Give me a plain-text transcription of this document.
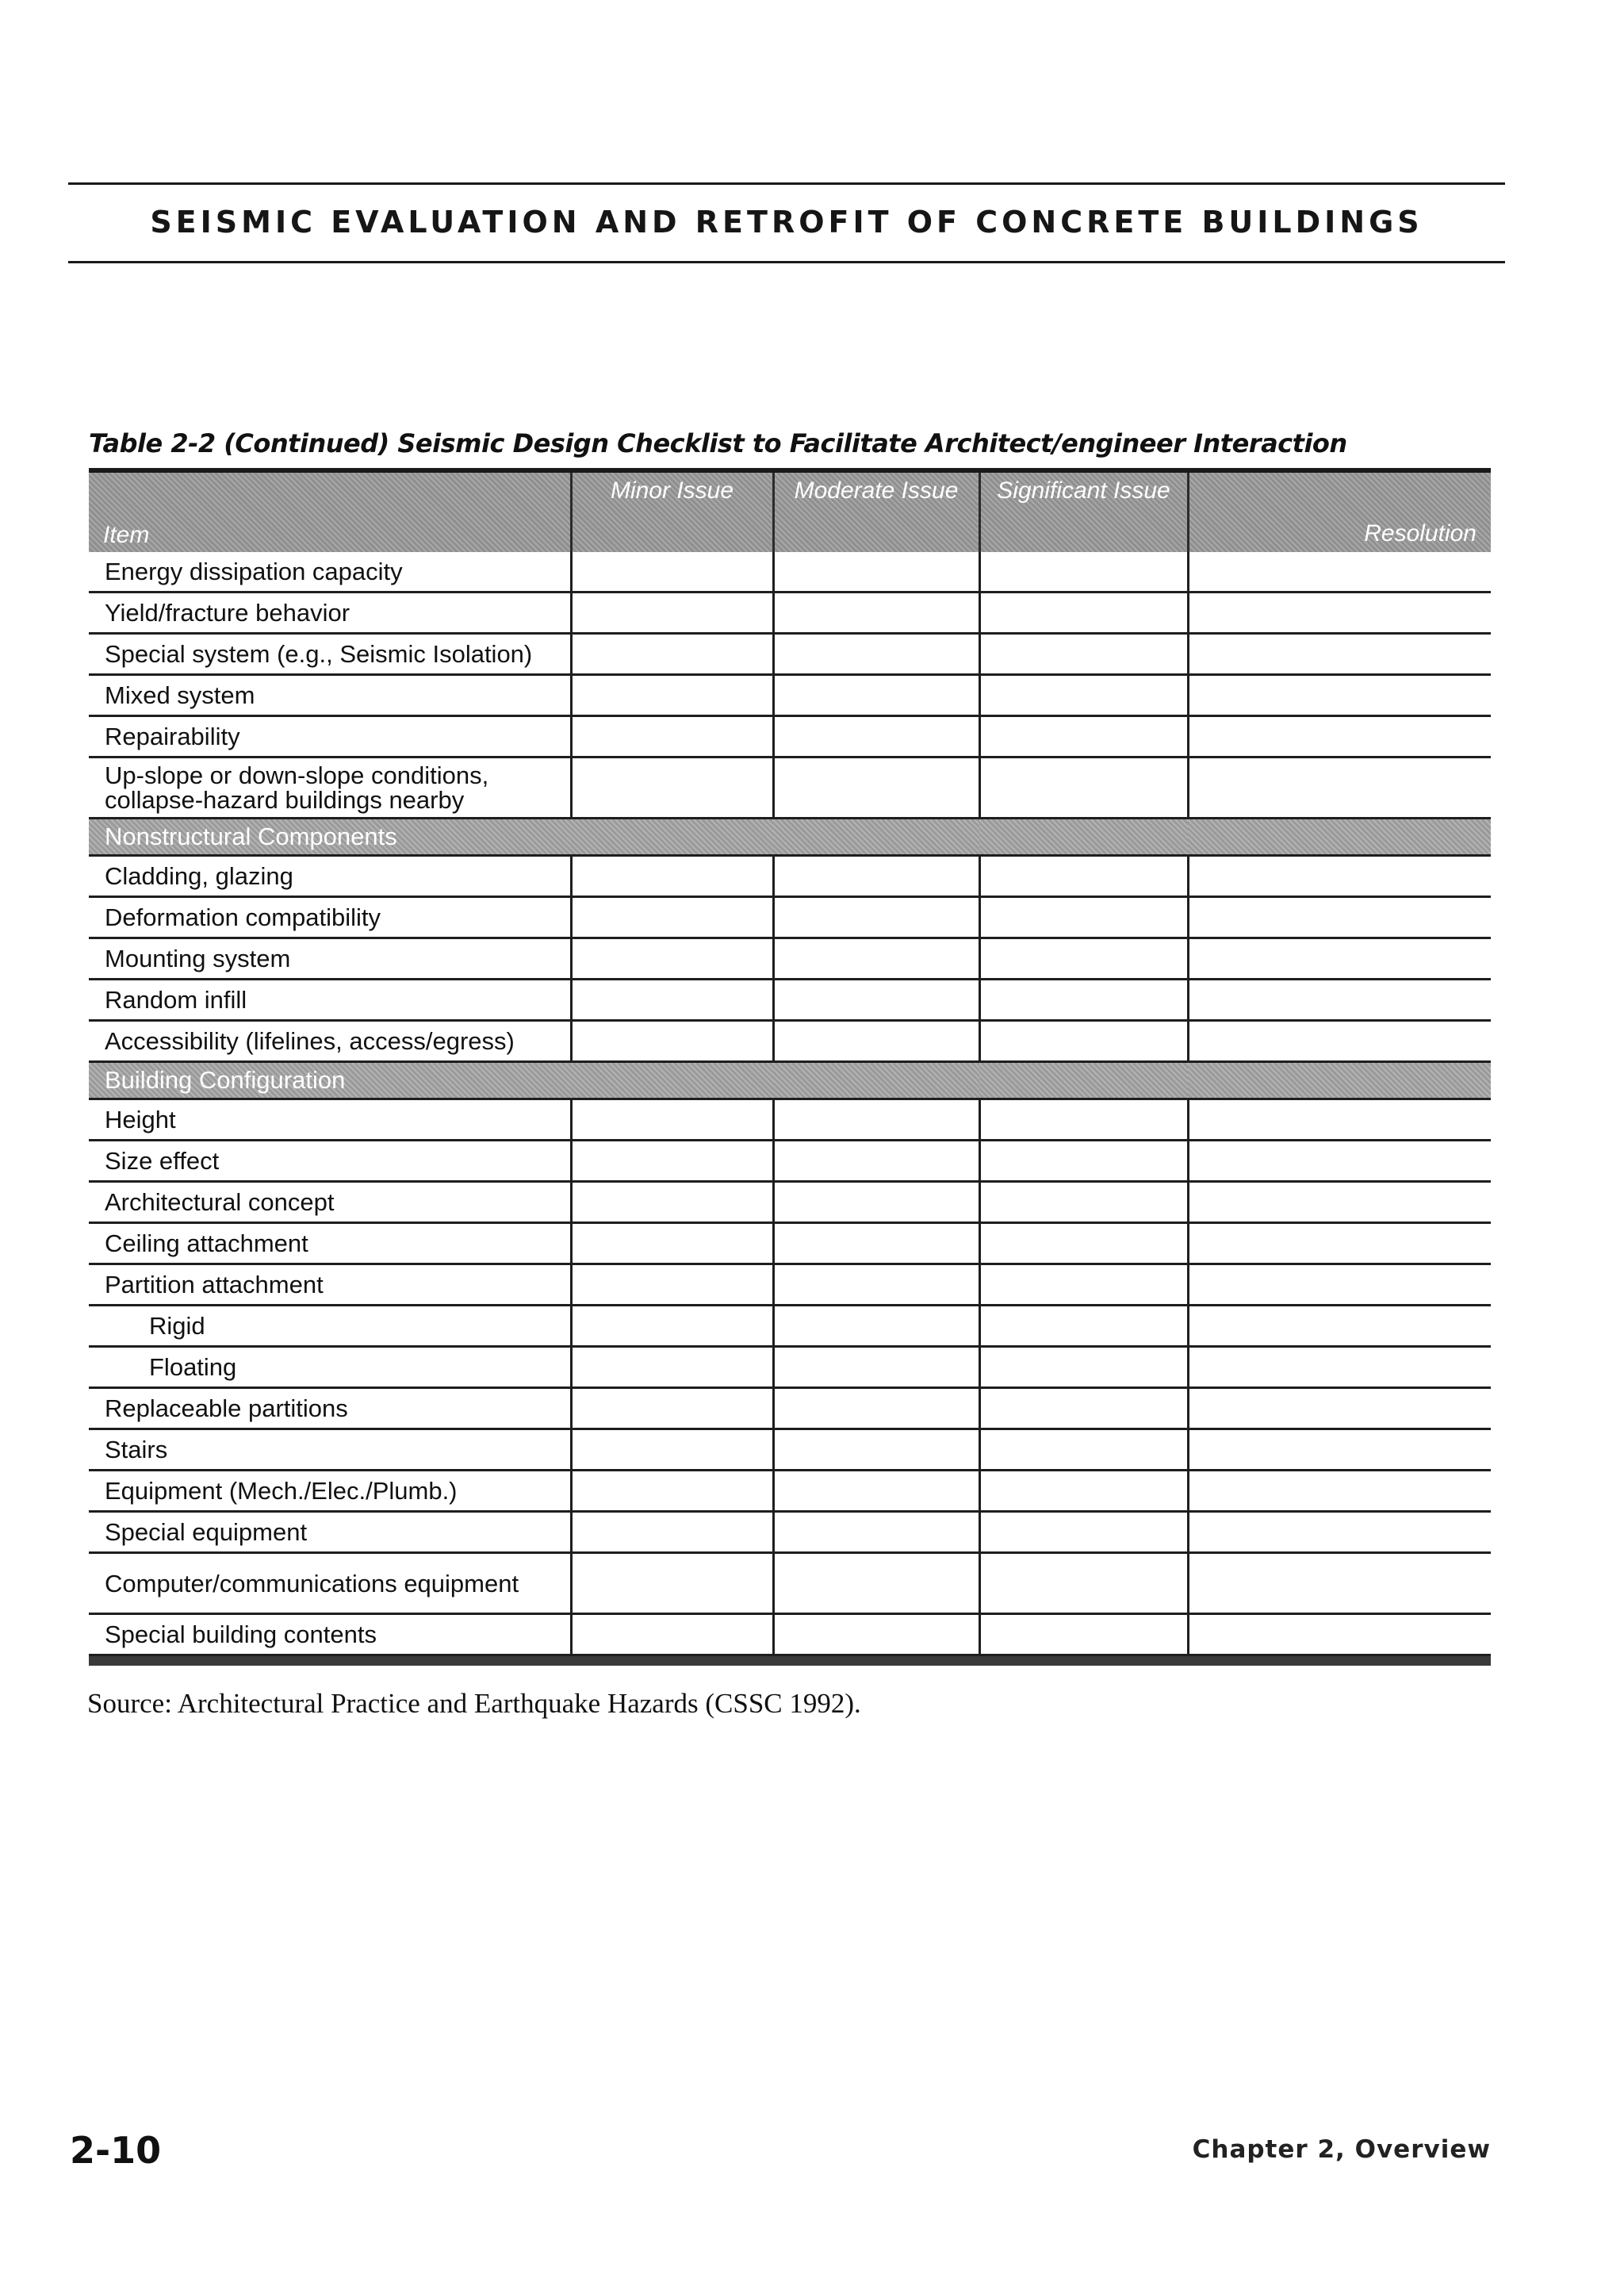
SEISMIC EVALUATION AND RETROFIT OF CONCRETE BUILDINGS
Table 2-2 (Continued) Seismic Design Checklist to Facilitate Architect/engineer Interaction
Item	Minor Issue	Moderate Issue	Significant Issue	Resolution
Energy dissipation capacity				
Yield/fracture behavior				
Special system (e.g., Seismic Isolation)				
Mixed system				
Repairability				
Up-slope or down-slope conditions, collapse-hazard buildings nearby				
Nonstructural Components				
Cladding, glazing				
Deformation compatibility				
Mounting system				
Random infill				
Accessibility (lifelines, access/egress)				
Building Configuration				
Height				
Size effect				
Architectural concept				
Ceiling attachment				
Partition attachment				
Rigid				
Floating				
Replaceable partitions				
Stairs				
Equipment (Mech./Elec./Plumb.)				
Special equipment				
Computer/communications equipment				
Special building contents				
Source: Architectural Practice and Earthquake Hazards (CSSC 1992).
2-10	Chapter 2, Overview
